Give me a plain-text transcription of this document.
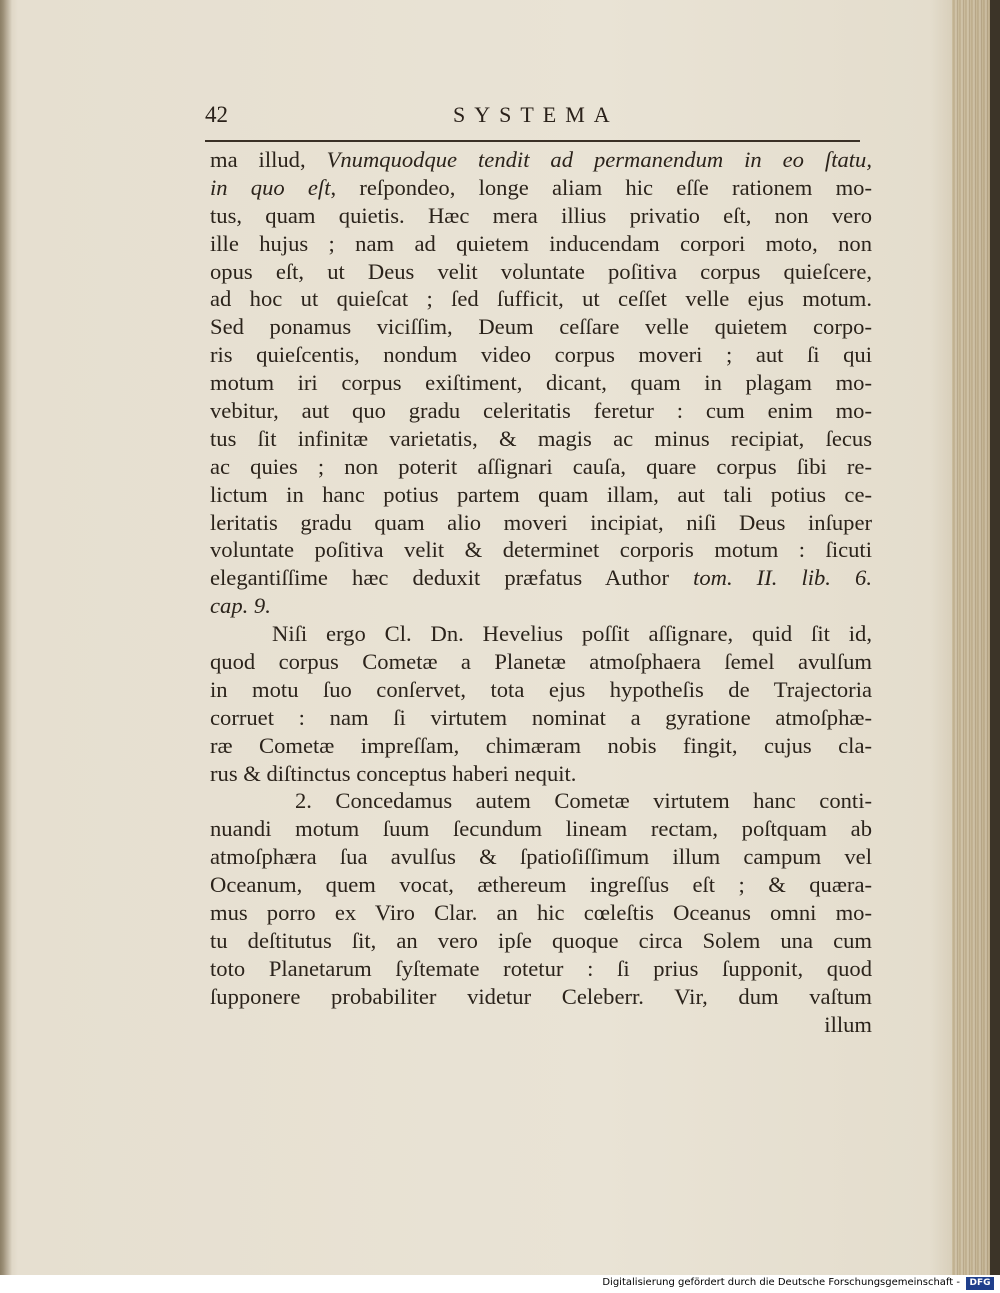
42	SYSTEMA
ma illud, Vnumquodque tendit ad permanendum in eo ſtatu,
in quo eſt, reſpondeo, longe aliam hic eſſe rationem mo-
tus, quam quietis. Hæc mera illius privatio eſt, non vero
ille hujus ; nam ad quietem inducendam corpori moto, non
opus eſt, ut Deus velit voluntate poſitiva corpus quieſcere,
ad hoc ut quieſcat ; ſed ſufficit, ut ceſſet velle ejus motum.
Sed ponamus viciſſim, Deum ceſſare velle quietem corpo-
ris quieſcentis, nondum video corpus moveri ; aut ſi qui
motum iri corpus exiſtiment, dicant, quam in plagam mo-
vebitur, aut quo gradu celeritatis feretur : cum enim mo-
tus ſit infinitæ varietatis, & magis ac minus recipiat, ſecus
ac quies ; non poterit aſſignari cauſa, quare corpus ſibi re-
lictum in hanc potius partem quam illam, aut tali potius ce-
leritatis gradu quam alio moveri incipiat, niſi Deus inſuper
voluntate poſitiva velit & determinet corporis motum : ſicuti
elegantiſſime hæc deduxit præfatus Author tom. II. lib. 6.
cap. 9.
Niſi ergo Cl. Dn. Hevelius poſſit aſſignare, quid ſit id,
quod corpus Cometæ a Planetæ atmoſphaera ſemel avulſum
in motu ſuo conſervet, tota ejus hypotheſis de Trajectoria
corruet : nam ſi virtutem nominat a gyratione atmoſphæ-
ræ Cometæ impreſſam, chimæram nobis fingit, cujus cla-
rus & diſtinctus conceptus haberi nequit.
2. Concedamus autem Cometæ virtutem hanc conti-
nuandi motum ſuum ſecundum lineam rectam, poſtquam ab
atmoſphæra ſua avulſus & ſpatioſiſſimum illum campum vel
Oceanum, quem vocat, æthereum ingreſſus eſt ; & quæra-
mus porro ex Viro Clar. an hic cœleſtis Oceanus omni mo-
tu deſtitutus ſit, an vero ipſe quoque circa Solem una cum
toto Planetarum ſyſtemate rotetur : ſi prius ſupponit, quod
ſupponere probabiliter videtur Celeberr. Vir, dum vaſtum
illum
Digitalisierung gefördert durch die Deutsche Forschungsgemeinschaft -	DFG
